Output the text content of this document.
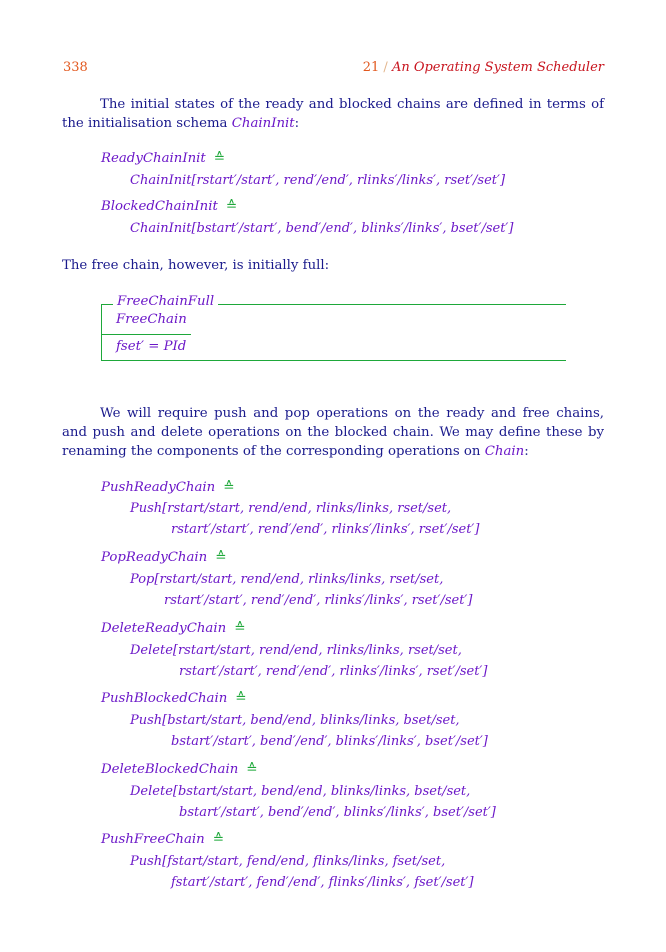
338	21 / An Operating System Scheduler
The initial states of the ready and blocked chains are defined in terms of the initialisation schema ChainInit:
ReadyChainInit ≙
ChainInit[rstart′/start′, rend′/end′, rlinks′/links′, rset′/set′]
BlockedChainInit ≙
ChainInit[bstart′/start′, bend′/end′, blinks′/links′, bset′/set′]
The free chain, however, is initially full:
FreeChainFull
FreeChain
fset′ = PId
We will require push and pop operations on the ready and free chains, and push and delete operations on the blocked chain. We may define these by renaming the components of the corresponding operations on Chain:
PushReadyChain ≙
Push[rstart/start, rend/end, rlinks/links, rset/set,
rstart′/start′, rend′/end′, rlinks′/links′, rset′/set′]
PopReadyChain ≙
Pop[rstart/start, rend/end, rlinks/links, rset/set,
rstart′/start′, rend′/end′, rlinks′/links′, rset′/set′]
DeleteReadyChain ≙
Delete[rstart/start, rend/end, rlinks/links, rset/set,
rstart′/start′, rend′/end′, rlinks′/links′, rset′/set′]
PushBlockedChain ≙
Push[bstart/start, bend/end, blinks/links, bset/set,
bstart′/start′, bend′/end′, blinks′/links′, bset′/set′]
DeleteBlockedChain ≙
Delete[bstart/start, bend/end, blinks/links, bset/set,
bstart′/start′, bend′/end′, blinks′/links′, bset′/set′]
PushFreeChain ≙
Push[fstart/start, fend/end, flinks/links, fset/set,
fstart′/start′, fend′/end′, flinks′/links′, fset′/set′]
